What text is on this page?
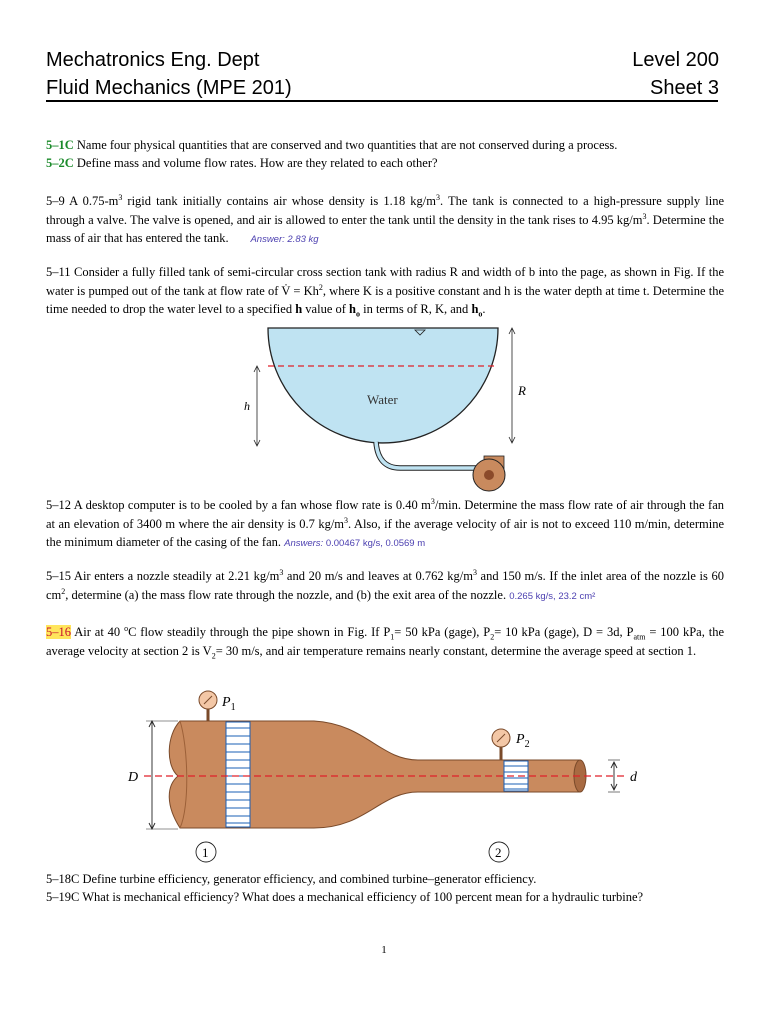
Mechatronics Eng. Dept	Level 200
Fluid Mechanics (MPE 201)	Sheet 3
5–1C Name four physical quantities that are conserved and two quantities that are not conserved during a process.
5–2C Define mass and volume flow rates. How are they related to each other?
5–9 A $0.75-m^3$ rigid tank initially contains air whose density is 1.18 $kg/m^3$. The tank is connected to a high-pressure supply line through a valve. The valve is opened, and air is allowed to enter the tank until the density in the tank rises to 4.95 $kg/m^3$. Determine the mass of air that has entered the tank. Answer: 2.83 kg
5–11 Consider a fully filled tank of semi-circular cross section tank with radius R and width of b into the page, as shown in Fig. If the water is pumped out of the tank at flow rate of V̇ = $Kh^2$, where K is a positive constant and h is the water depth at time t. Determine the time needed to drop the water level to a specified h value of $h_o$ in terms of R, K, and $h_o$.
Water
h
R
5–12 A desktop computer is to be cooled by a fan whose flow rate is 0.40 $m^3/\min$. Determine the mass flow rate of air through the fan at an elevation of 3400 m where the air density is 0.7 $kg/m^3$. Also, if the average velocity of air is not to exceed 110 m/min, determine the minimum diameter of the casing of the fan. Answers: 0.00467 kg/s, 0.0569 m
5–15 Air enters a nozzle steadily at 2.21 $kg/m^3$ and 20 m/s and leaves at 0.762 $kg/m^3$ and 150 m/s. If the inlet area of the nozzle is 60 $cm^2$, determine (a) the mass flow rate through the nozzle, and (b) the exit area of the nozzle. 0.265 kg/s, 23.2 cm²
5–16 Air at 40 $^o$C flow steadily through the pipe shown in Fig. If $P_1= 50$ kPa (gage), $P_2= 10$ kPa (gage), D = 3d, $P_{atm} = 100$ kPa, the average velocity at section 2 is $V_2= 30$ m/s, and air temperature remains nearly constant, determine the average speed at section 1.
$P_1$
$P_2$
D	d
1	2
5–18C Define turbine efficiency, generator efficiency, and combined turbine–generator efficiency.
5–19C What is mechanical efficiency? What does a mechanical efficiency of 100 percent mean for a hydraulic turbine?
1
